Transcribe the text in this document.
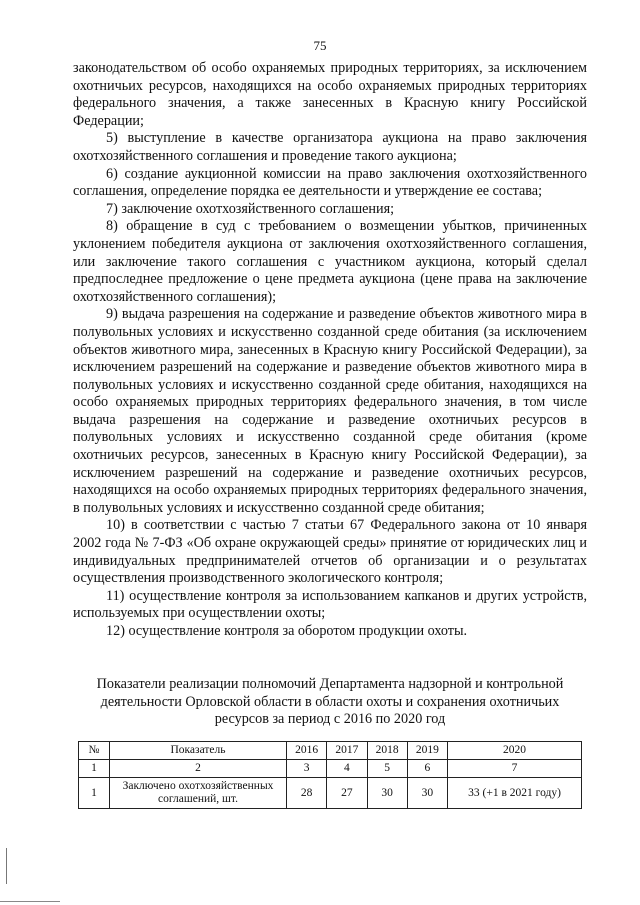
75

законодательством об особо охраняемых природных территориях, за исключением охотничьих ресурсов, находящихся на особо охраняемых природных территориях федерального значения, а также занесенных в Красную книгу Российской Федерации;

5) выступление в качестве организатора аукциона на право заключения охотхозяйственного соглашения и проведение такого аукциона;

6) создание аукционной комиссии на право заключения охотхозяйственного соглашения, определение порядка ее деятельности и утверждение ее состава;

7) заключение охотхозяйственного соглашения;

8) обращение в суд с требованием о возмещении убытков, причиненных уклонением победителя аукциона от заключения охотхозяйственного соглашения, или заключение такого соглашения с участником аукциона, который сделал предпоследнее предложение о цене предмета аукциона (цене права на заключение охотхозяйственного соглашения);

9) выдача разрешения на содержание и разведение объектов животного мира в полувольных условиях и искусственно созданной среде обитания (за исключением объектов животного мира, занесенных в Красную книгу Российской Федерации), за исключением разрешений на содержание и разведение объектов животного мира в полувольных условиях и искусственно созданной среде обитания, находящихся на особо охраняемых природных территориях федерального значения, в том числе выдача разрешения на содержание и разведение охотничьих ресурсов в полувольных условиях и искусственно созданной среде обитания (кроме охотничьих ресурсов, занесенных в Красную книгу Российской Федерации), за исключением разрешений на содержание и разведение охотничьих ресурсов, находящихся на особо охраняемых природных территориях федерального значения, в полувольных условиях и искусственно созданной среде обитания;

10) в соответствии с частью 7 статьи 67 Федерального закона от 10 января 2002 года № 7-ФЗ «Об охране окружающей среды» принятие от юридических лиц и индивидуальных предпринимателей отчетов об организации и о результатах осуществления производственного экологического контроля;

11) осуществление контроля за использованием капканов и других устройств, используемых при осуществлении охоты;

12) осуществление контроля за оборотом продукции охоты.

Показатели реализации полномочий Департамента надзорной и контрольной деятельности Орловской области в области охоты и сохранения охотничьих ресурсов за период с 2016 по 2020 год
№	Показатель	2016	2017	2018	2019	2020
1	2	3	4	5	6	7
1	Заключено охотхозяйственных соглашений, шт.	28	27	30	30	33 (+1 в 2021 году)
